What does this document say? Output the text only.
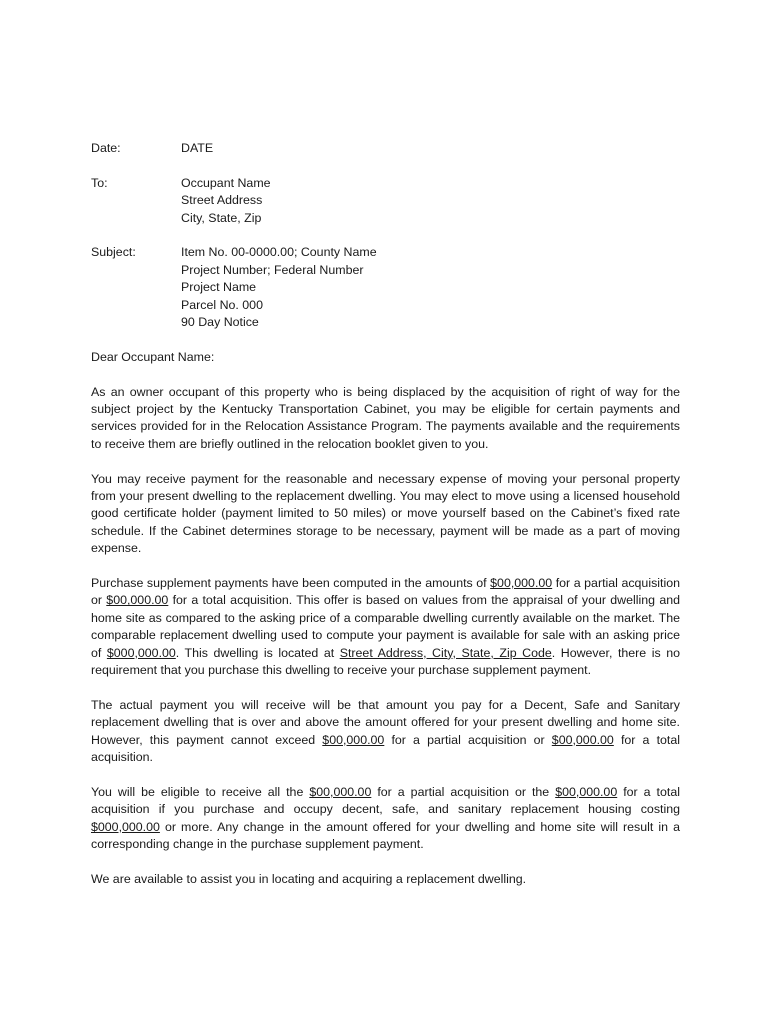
Date:	DATE
To:	Occupant Name
Street Address
City, State, Zip
Subject:	Item No. 00-0000.00; County Name
Project Number; Federal Number
Project Name
Parcel No. 000
90 Day Notice

Dear Occupant Name:

As an owner occupant of this property who is being displaced by the acquisition of right of way for the subject project by the Kentucky Transportation Cabinet, you may be eligible for certain payments and services provided for in the Relocation Assistance Program. The payments available and the requirements to receive them are briefly outlined in the relocation booklet given to you.

You may receive payment for the reasonable and necessary expense of moving your personal property from your present dwelling to the replacement dwelling. You may elect to move using a licensed household good certificate holder (payment limited to 50 miles) or move yourself based on the Cabinet’s fixed rate schedule. If the Cabinet determines storage to be necessary, payment will be made as a part of moving expense.

Purchase supplement payments have been computed in the amounts of $00,000.00 for a partial acquisition or $00,000.00 for a total acquisition. This offer is based on values from the appraisal of your dwelling and home site as compared to the asking price of a comparable dwelling currently available on the market. The comparable replacement dwelling used to compute your payment is available for sale with an asking price of $000,000.00. This dwelling is located at Street Address, City, State, Zip Code. However, there is no requirement that you purchase this dwelling to receive your purchase supplement payment.

The actual payment you will receive will be that amount you pay for a Decent, Safe and Sanitary replacement dwelling that is over and above the amount offered for your present dwelling and home site. However, this payment cannot exceed $00,000.00 for a partial acquisition or $00,000.00 for a total acquisition.

You will be eligible to receive all the $00,000.00 for a partial acquisition or the $00,000.00 for a total acquisition if you purchase and occupy decent, safe, and sanitary replacement housing costing $000,000.00 or more. Any change in the amount offered for your dwelling and home site will result in a corresponding change in the purchase supplement payment.

We are available to assist you in locating and acquiring a replacement dwelling.
